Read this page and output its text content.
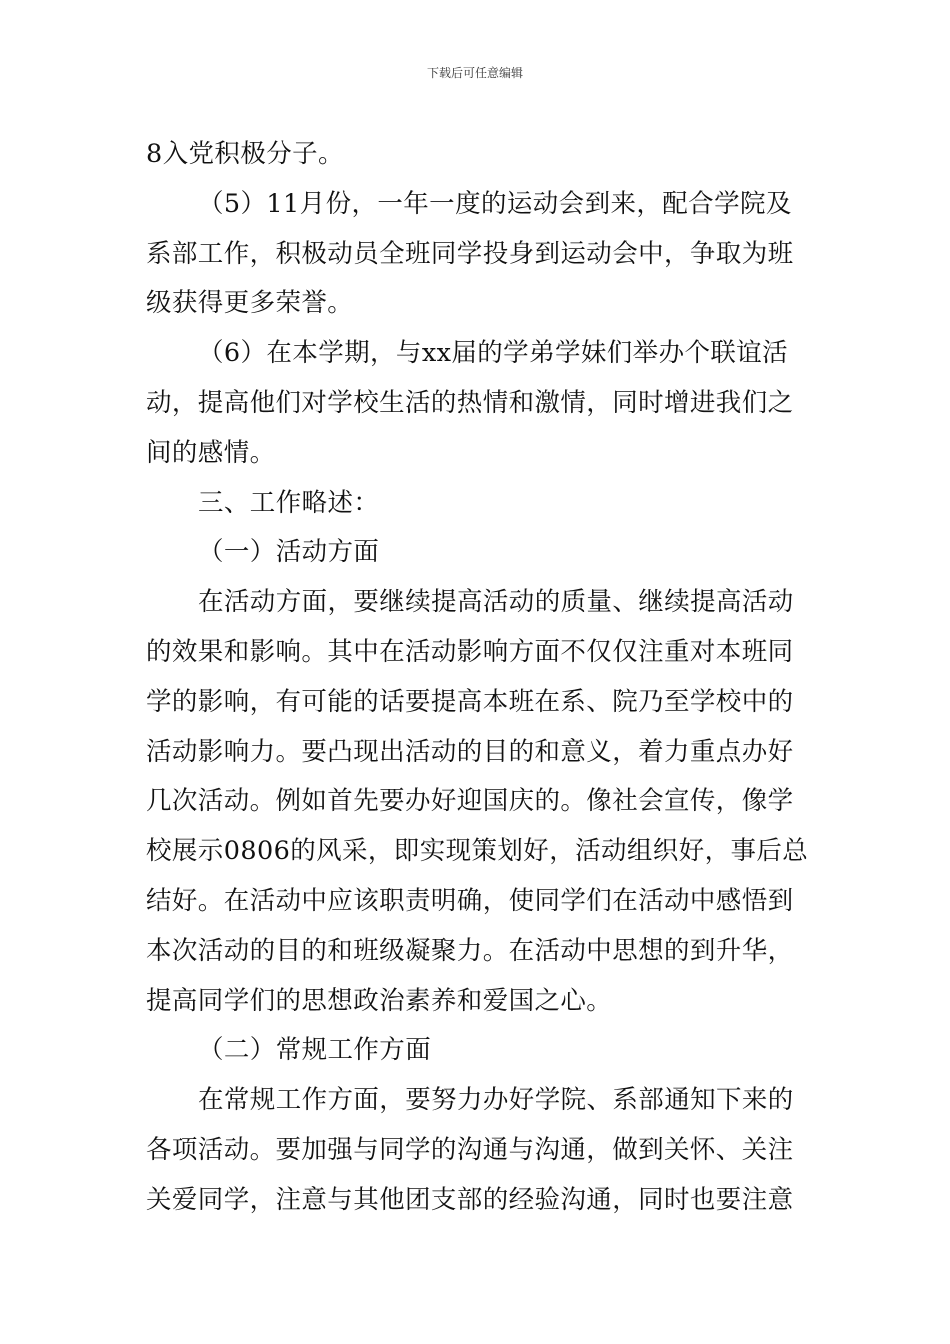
下载后可任意编辑

8入党积极分子。

（5）11月份，一年一度的运动会到来，配合学院及系部工作，积极动员全班同学投身到运动会中，争取为班级获得更多荣誉。

（6）在本学期，与xx届的学弟学妹们举办个联谊活动，提高他们对学校生活的热情和激情，同时增进我们之间的感情。

三、工作略述：

（一）活动方面

在活动方面，要继续提高活动的质量、继续提高活动的效果和影响。其中在活动影响方面不仅仅注重对本班同学的影响，有可能的话要提高本班在系、院乃至学校中的活动影响力。要凸现出活动的目的和意义，着力重点办好几次活动。例如首先要办好迎国庆的。像社会宣传，像学校展示0806的风采，即实现策划好，活动组织好，事后总结好。在活动中应该职责明确，使同学们在活动中感悟到本次活动的目的和班级凝聚力。在活动中思想的到升华，提高同学们的思想政治素养和爱国之心。

（二）常规工作方面

在常规工作方面，要努力办好学院、系部通知下来的各项活动。要加强与同学的沟通与沟通，做到关怀、关注关爱同学，注意与其他团支部的经验沟通，同时也要注意
